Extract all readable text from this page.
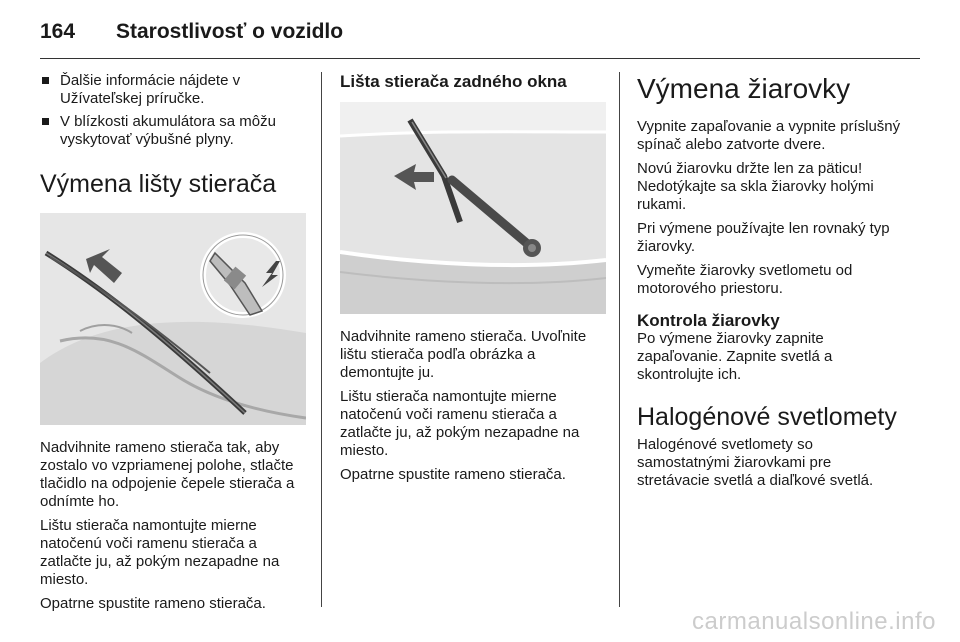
164 Starostlivosť o vozidlo
Ďalšie informácie nájdete v Užívateľskej príručke.
V blízkosti akumulátora sa môžu vyskytovať výbušné plyny.
Výmena lišty stierača

Nadvihnite rameno stierača tak, aby zostalo vo vzpriamenej polohe, stlačte tlačidlo na odpojenie čepele stierača a odnímte ho.

Lištu stierača namontujte mierne natočenú voči ramenu stierača a zatlačte ju, až pokým nezapadne na miesto.

Opatrne spustite rameno stierača.

Lišta stierača zadného okna

Nadvihnite rameno stierača. Uvoľnite lištu stierača podľa obrázka a demontujte ju.

Lištu stierača namontujte mierne natočenú voči ramenu stierača a zatlačte ju, až pokým nezapadne na miesto.

Opatrne spustite rameno stierača.

Výmena žiarovky

Vypnite zapaľovanie a vypnite príslušný spínač alebo zatvorte dvere.

Novú žiarovku držte len za päticu! Nedotýkajte sa skla žiarovky holými rukami.

Pri výmene používajte len rovnaký typ žiarovky.

Vymeňte žiarovky svetlometu od motorového priestoru.

Kontrola žiarovky

Po výmene žiarovky zapnite zapaľovanie. Zapnite svetlá a skontrolujte ich.

Halogénové svetlomety

Halogénové svetlomety so samostatnými žiarovkami pre stretávacie svetlá a diaľkové svetlá.

carmanualsonline.info
